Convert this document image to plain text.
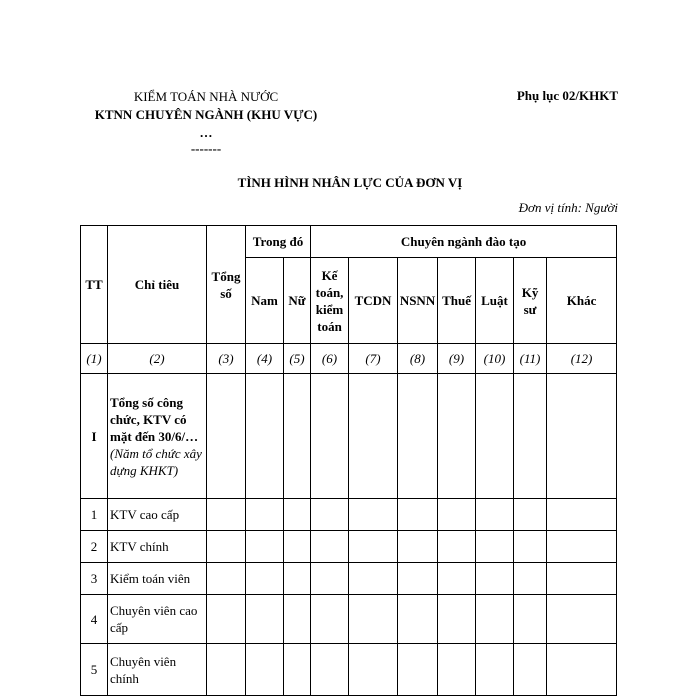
KIỂM TOÁN NHÀ NƯỚC
KTNN CHUYÊN NGÀNH (KHU VỰC)
…
-------
Phụ lục 02/KHKT
TÌNH HÌNH NHÂN LỰC CỦA ĐƠN VỊ
Đơn vị tính: Người
TT	Chỉ tiêu	Tổng số	Trong đó		Chuyên ngành đào tạo						
			Nam	Nữ	Kế toán, kiểm toán	TCDN	NSNN	Thuế	Luật	Kỹ sư	Khác
(1)	(2)	(3)	(4)	(5)	(6)	(7)	(8)	(9)	(10)	(11)	(12)
I	Tổng số công chức, KTV có mặt đến 30/6/… (Năm tổ chức xây dựng KHKT)										
1	KTV cao cấp										
2	KTV chính										
3	Kiểm toán viên										
4	Chuyên viên cao cấp										
5	Chuyên viên chính										
